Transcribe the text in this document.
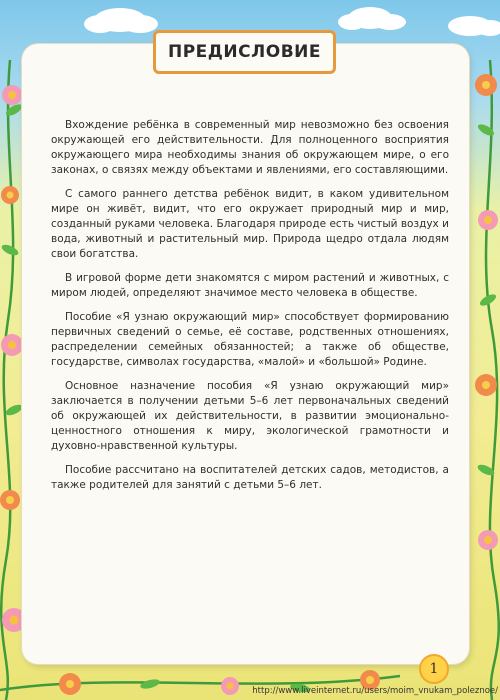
ПРЕДИСЛОВИЕ

Вхождение ребёнка в современный мир невозможно без освоения окружающей его действительности. Для полноценного восприятия окружающего мира необходимы знания об окружающем мире, о его законах, о связях между объектами и явлениями, его составляющими.

С самого раннего детства ребёнок видит, в каком удивительном мире он живёт, видит, что его окружает природный мир и мир, созданный руками человека. Благодаря природе есть чистый воздух и вода, животный и растительный мир. Природа щедро отдала людям свои богатства.

В игровой форме дети знакомятся с миром растений и животных, с миром людей, определяют значимое место человека в обществе.

Пособие «Я узнаю окружающий мир» способствует формированию первичных сведений о семье, её составе, родственных отношениях, распределении семейных обязанностей; а также об обществе, государстве, символах государства, «малой» и «большой» Родине.

Основное назначение пособия «Я узнаю окружающий мир» заключается в получении детьми 5–6 лет первоначальных сведений об окружающей их действительности, в развитии эмоционально-ценностного отношения к миру, экологической грамотности и духовно-нравственной культуры.

Пособие рассчитано на воспитателей детских садов, методистов, а также родителей для занятий с детьми 5–6 лет.

1
http://www.liveinternet.ru/users/moim_vnukam_poleznoe/
